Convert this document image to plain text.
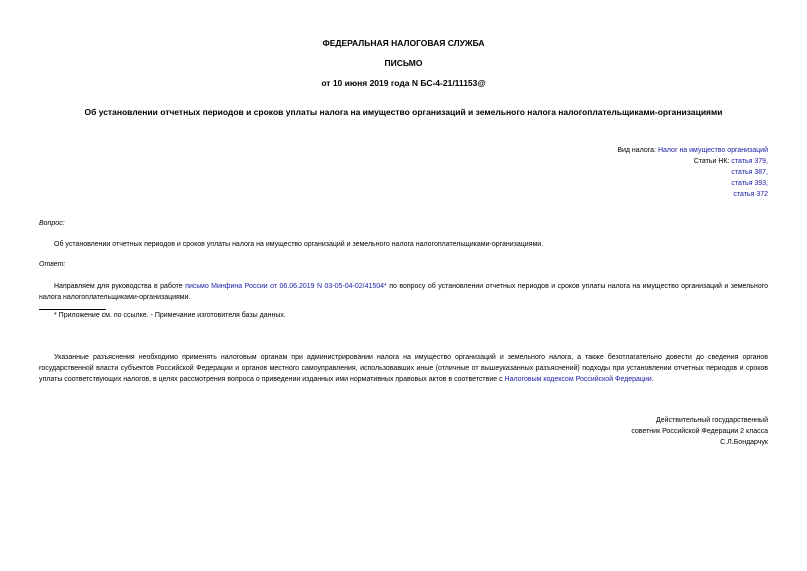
ФЕДЕРАЛЬНАЯ НАЛОГОВАЯ СЛУЖБА

ПИСЬМО

от 10 июня 2019 года N БС-4-21/11153@

Об установлении отчетных периодов и сроков уплаты налога на имущество организаций и земельного налога налогоплательщиками-организациями

Вид налога: Налог на имущество организаций
Статьи НК: статья 379,
статья 387,
статья 393,
статья 372

Вопрос:

Об установлении отчетных периодов и сроков уплаты налога на имущество организаций и земельного налога налогоплательщиками-организациями.

Ответ:

Направляем для руководства в работе письмо Минфина России от 06.06.2019 N 03-05-04-02/41504* по вопросу об установлении отчетных периодов и сроков уплаты налога на имущество организаций и земельного налога налогоплательщиками-организациями.

* Приложение см. по ссылке. - Примечание изготовителя базы данных.

Указанные разъяснения необходимо применять налоговым органам при администрировании налога на имущество организаций и земельного налога, а также безотлагательно довести до сведения органов государственной власти субъектов Российской Федерации и органов местного самоуправления, использовавших иные (отличные от вышеуказанных разъяснений) подходы при установлении отчетных периодов и сроков уплаты соответствующих налогов, в целях рассмотрения вопроса о приведении изданных ими нормативных правовых актов в соответствие с Налоговым кодексом Российской Федерации.

Действительный государственный
советник Российской Федерации 2 класса
С.Л.Бондарчук
